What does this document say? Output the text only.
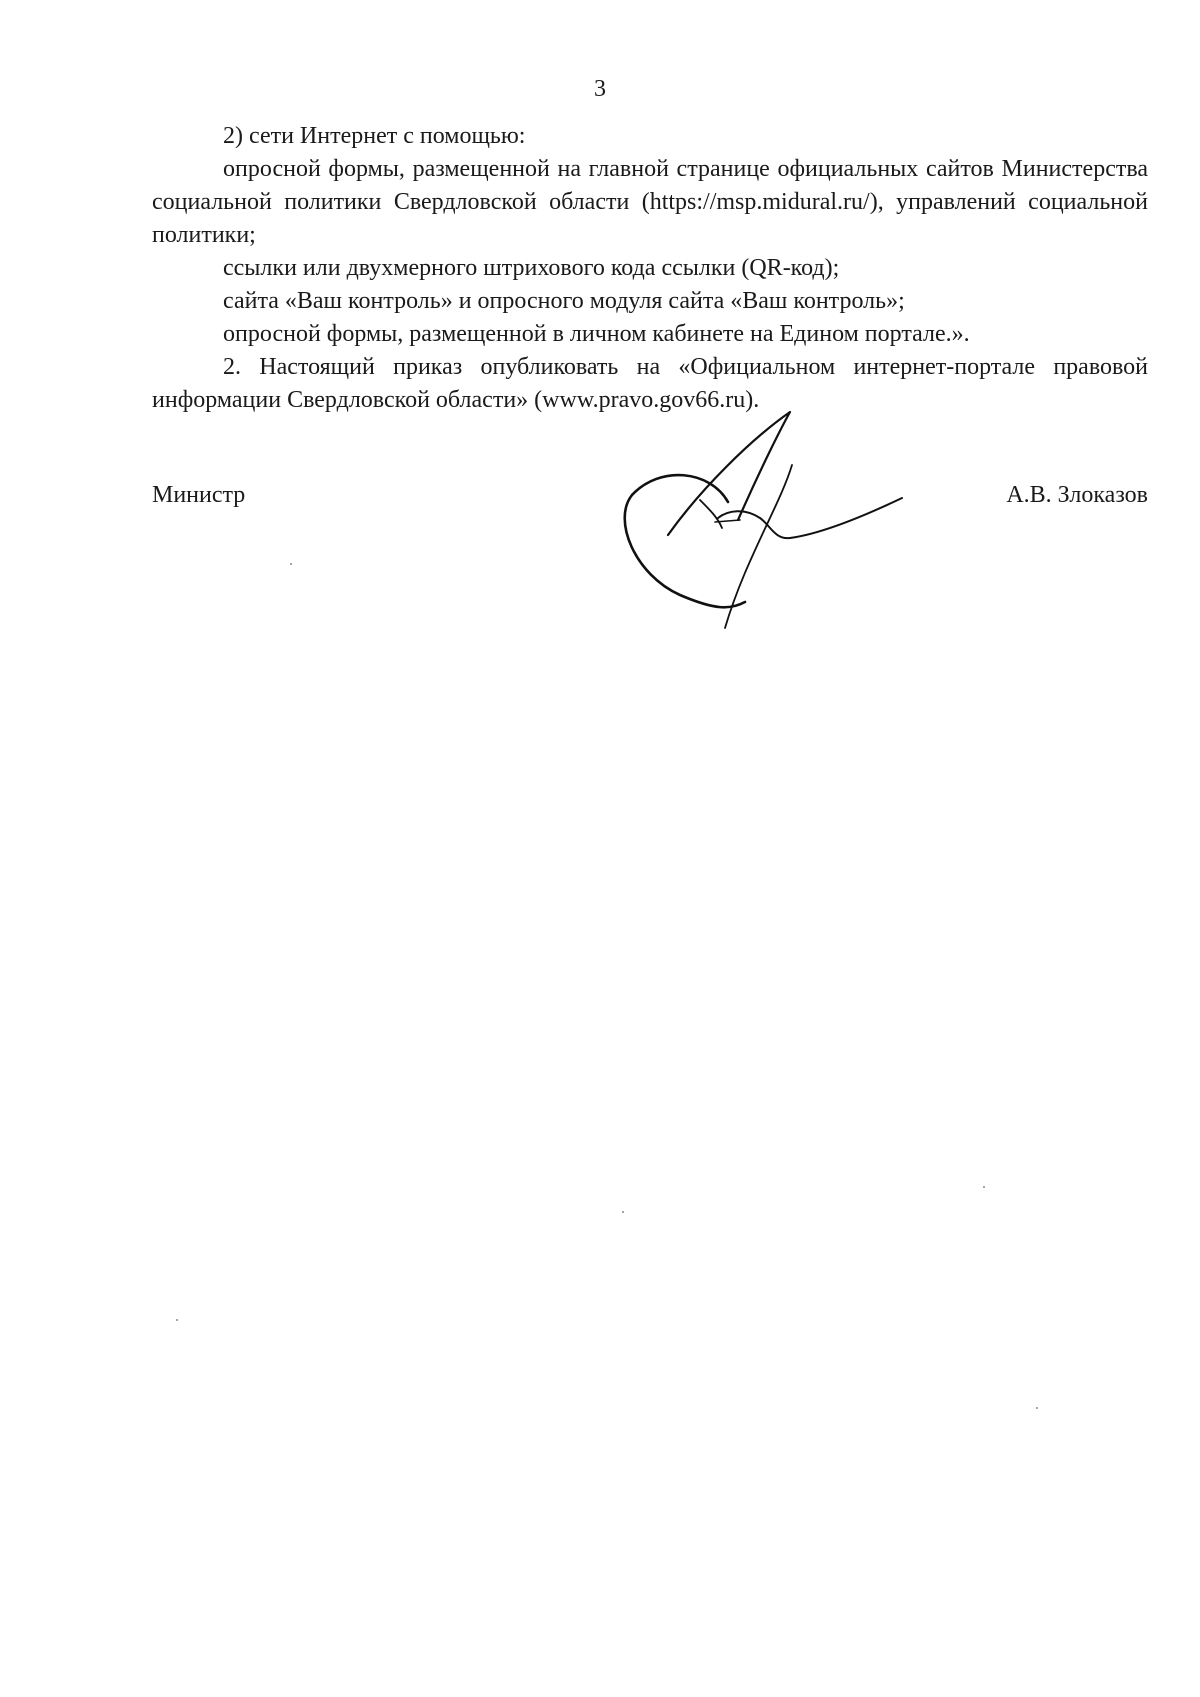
3

2) сети Интернет с помощью:

опросной формы, размещенной на главной странице официальных сайтов Министерства социальной политики Свердловской области (https://msp.midural.ru/), управлений социальной политики;

ссылки или двухмерного штрихового кода ссылки (QR-код);

сайта «Ваш контроль» и опросного модуля сайта «Ваш контроль»;

опросной формы, размещенной в личном кабинете на Едином портале.».

2. Настоящий приказ опубликовать на «Официальном интернет-портале правовой информации Свердловской области» (www.pravo.gov66.ru).

Министр	А.В. Злоказов
